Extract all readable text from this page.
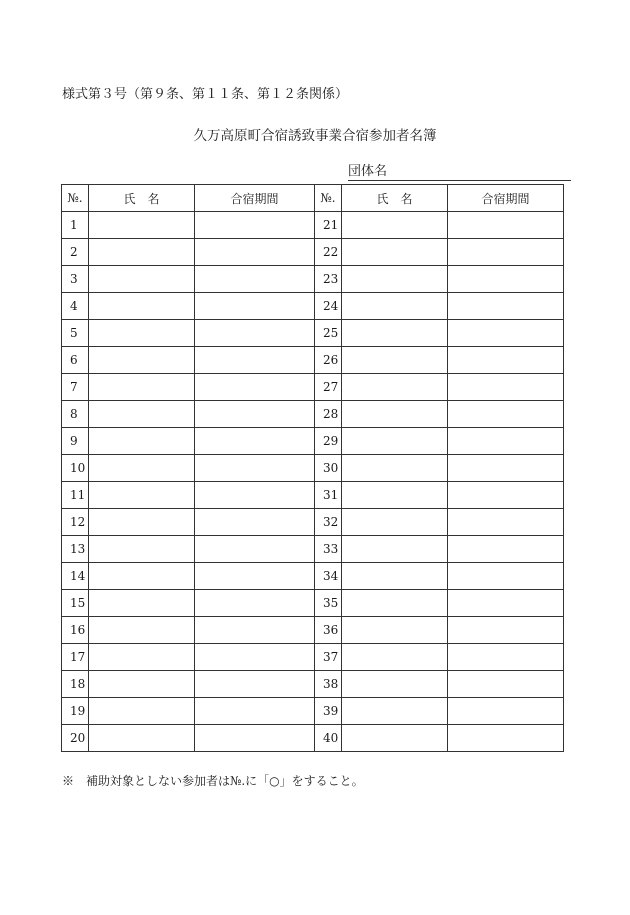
様式第３号（第９条、第１１条、第１２条関係）
久万高原町合宿誘致事業合宿参加者名簿
団体名
№.	氏　名	合宿期間	№.	氏　名	合宿期間
1			21		
2			22		
3			23		
4			24		
5			25		
6			26		
7			27		
8			28		
9			29		
10			30		
11			31		
12			32		
13			33		
14			34		
15			35		
16			36		
17			37		
18			38		
19			39		
20			40		
※　補助対象としない参加者は№.に「○」をすること。
